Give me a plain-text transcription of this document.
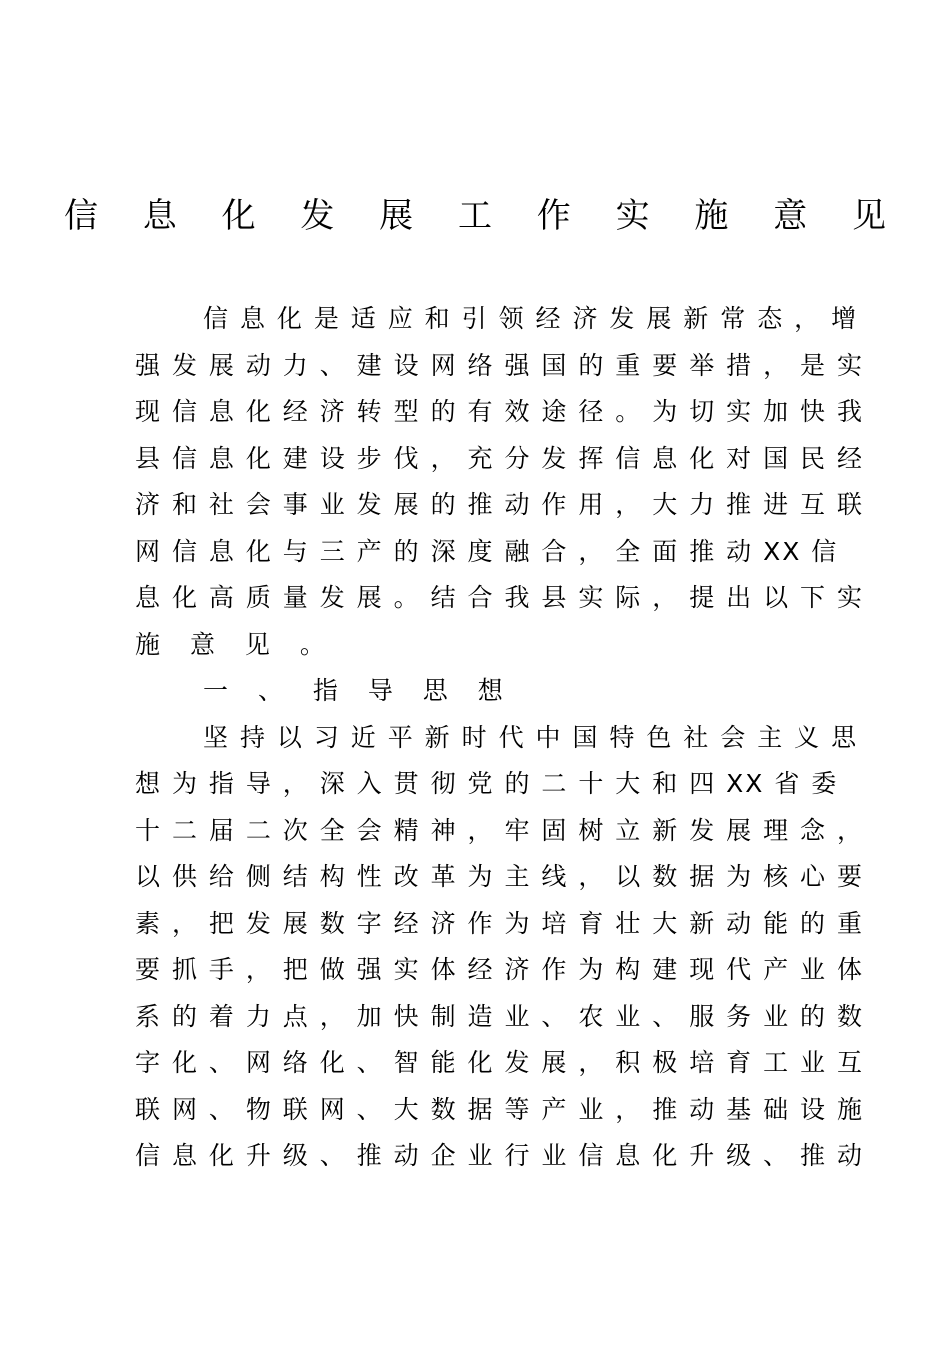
信 息 化 发 展 工 作 实 施 意 见
信 息 化 是 适 应 和 引 领 经 济 发 展 新 常 态 ， 增
强 发 展 动 力 、 建 设 网 络 强 国 的 重 要 举 措 ， 是 实
现 信 息 化 经 济 转 型 的 有 效 途 径 。 为 切 实 加 快 我
县 信 息 化 建 设 步 伐 ， 充 分 发 挥 信 息 化 对 国 民 经
济 和 社 会 事 业 发 展 的 推 动 作 用 ， 大 力 推 进 互 联
网 信 息 化 与 三 产 的 深 度 融 合 ， 全 面 推 动 XX 信
息 化 高 质 量 发 展 。 结 合 我 县 实 际 ， 提 出 以 下 实
施 意 见 。
一 、 指 导 思 想
坚 持 以 习 近 平 新 时 代 中 国 特 色 社 会 主 义 思
想 为 指 导 ， 深 入 贯 彻 党 的 二 十 大 和 四 XX 省 委
十 二 届 二 次 全 会 精 神 ， 牢 固 树 立 新 发 展 理 念 ，
以 供 给 侧 结 构 性 改 革 为 主 线 ， 以 数 据 为 核 心 要
素 ， 把 发 展 数 字 经 济 作 为 培 育 壮 大 新 动 能 的 重
要 抓 手 ， 把 做 强 实 体 经 济 作 为 构 建 现 代 产 业 体
系 的 着 力 点 ， 加 快 制 造 业 、 农 业 、 服 务 业 的 数
字 化 、 网 络 化 、 智 能 化 发 展 ， 积 极 培 育 工 业 互
联 网 、 物 联 网 、 大 数 据 等 产 业 ， 推 动 基 础 设 施
信 息 化 升 级 、 推 动 企 业 行 业 信 息 化 升 级 、 推 动
